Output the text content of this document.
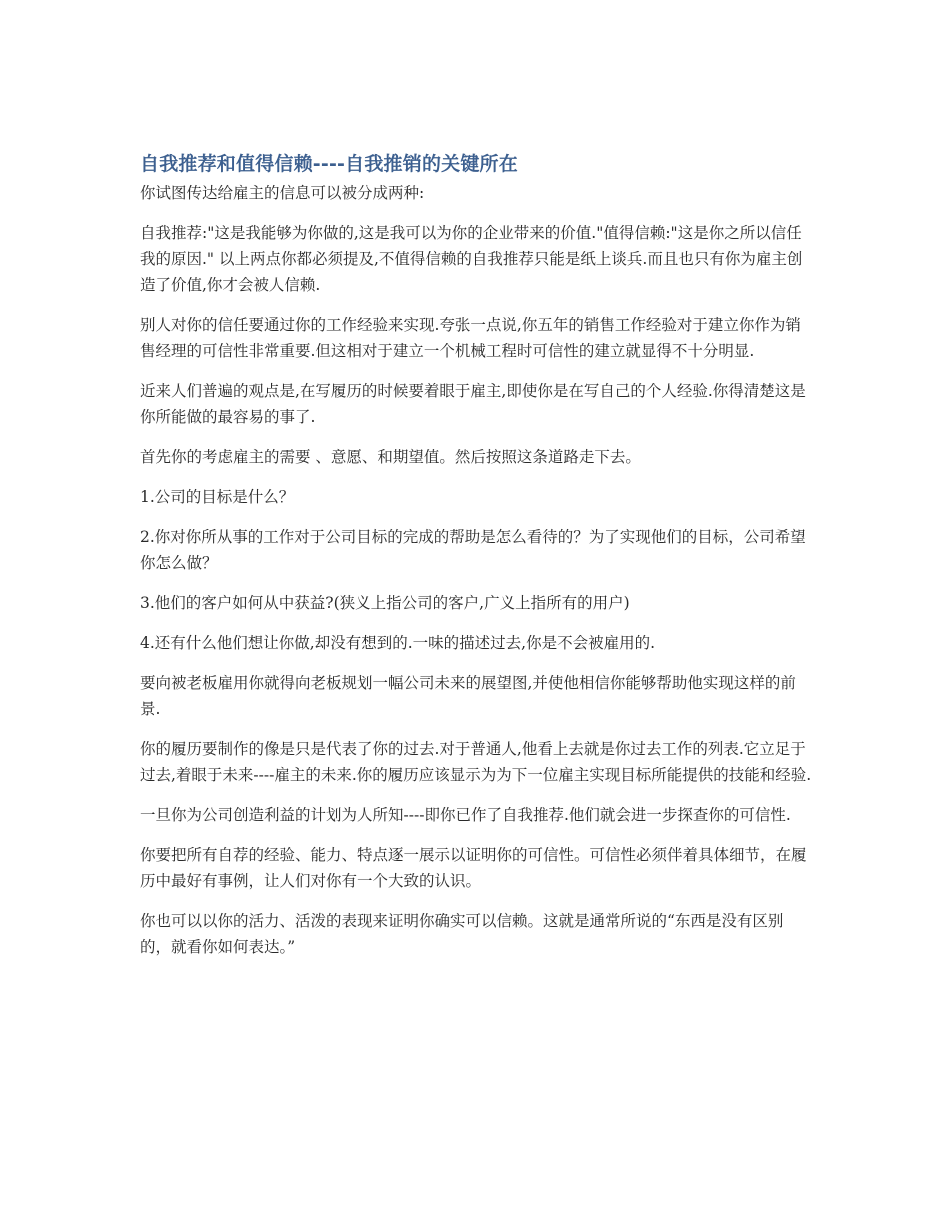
自我推荐和值得信赖----自我推销的关键所在

你试图传达给雇主的信息可以被分成两种:

自我推荐:"这是我能够为你做的,这是我可以为你的企业带来的价值."值得信赖:"这是你之所以信任我的原因." 以上两点你都必须提及,不值得信赖的自我推荐只能是纸上谈兵.而且也只有你为雇主创造了价值,你才会被人信赖.

别人对你的信任要通过你的工作经验来实现.夸张一点说,你五年的销售工作经验对于建立你作为销售经理的可信性非常重要.但这相对于建立一个机械工程时可信性的建立就显得不十分明显.

近来人们普遍的观点是,在写履历的时候要着眼于雇主,即使你是在写自己的个人经验.你得清楚这是你所能做的最容易的事了.

首先你的考虑雇主的需要 、意愿、和期望值。然后按照这条道路走下去。

1.公司的目标是什么？

2.你对你所从事的工作对于公司目标的完成的帮助是怎么看待的？为了实现他们的目标，公司希望你怎么做？

3.他们的客户如何从中获益?(狭义上指公司的客户,广义上指所有的用户)

4.还有什么他们想让你做,却没有想到的.一味的描述过去,你是不会被雇用的.

要向被老板雇用你就得向老板规划一幅公司未来的展望图,并使他相信你能够帮助他实现这样的前景.

你的履历要制作的像是只是代表了你的过去.对于普通人,他看上去就是你过去工作的列表.它立足于过去,着眼于未来----雇主的未来.你的履历应该显示为为下一位雇主实现目标所能提供的技能和经验.

一旦你为公司创造利益的计划为人所知----即你已作了自我推荐.他们就会进一步探查你的可信性.

你要把所有自荐的经验、能力、特点逐一展示以证明你的可信性。可信性必须伴着具体细节，在履历中最好有事例，让人们对你有一个大致的认识。

你也可以以你的活力、活泼的表现来证明你确实可以信赖。这就是通常所说的“东西是没有区别的，就看你如何表达。”
